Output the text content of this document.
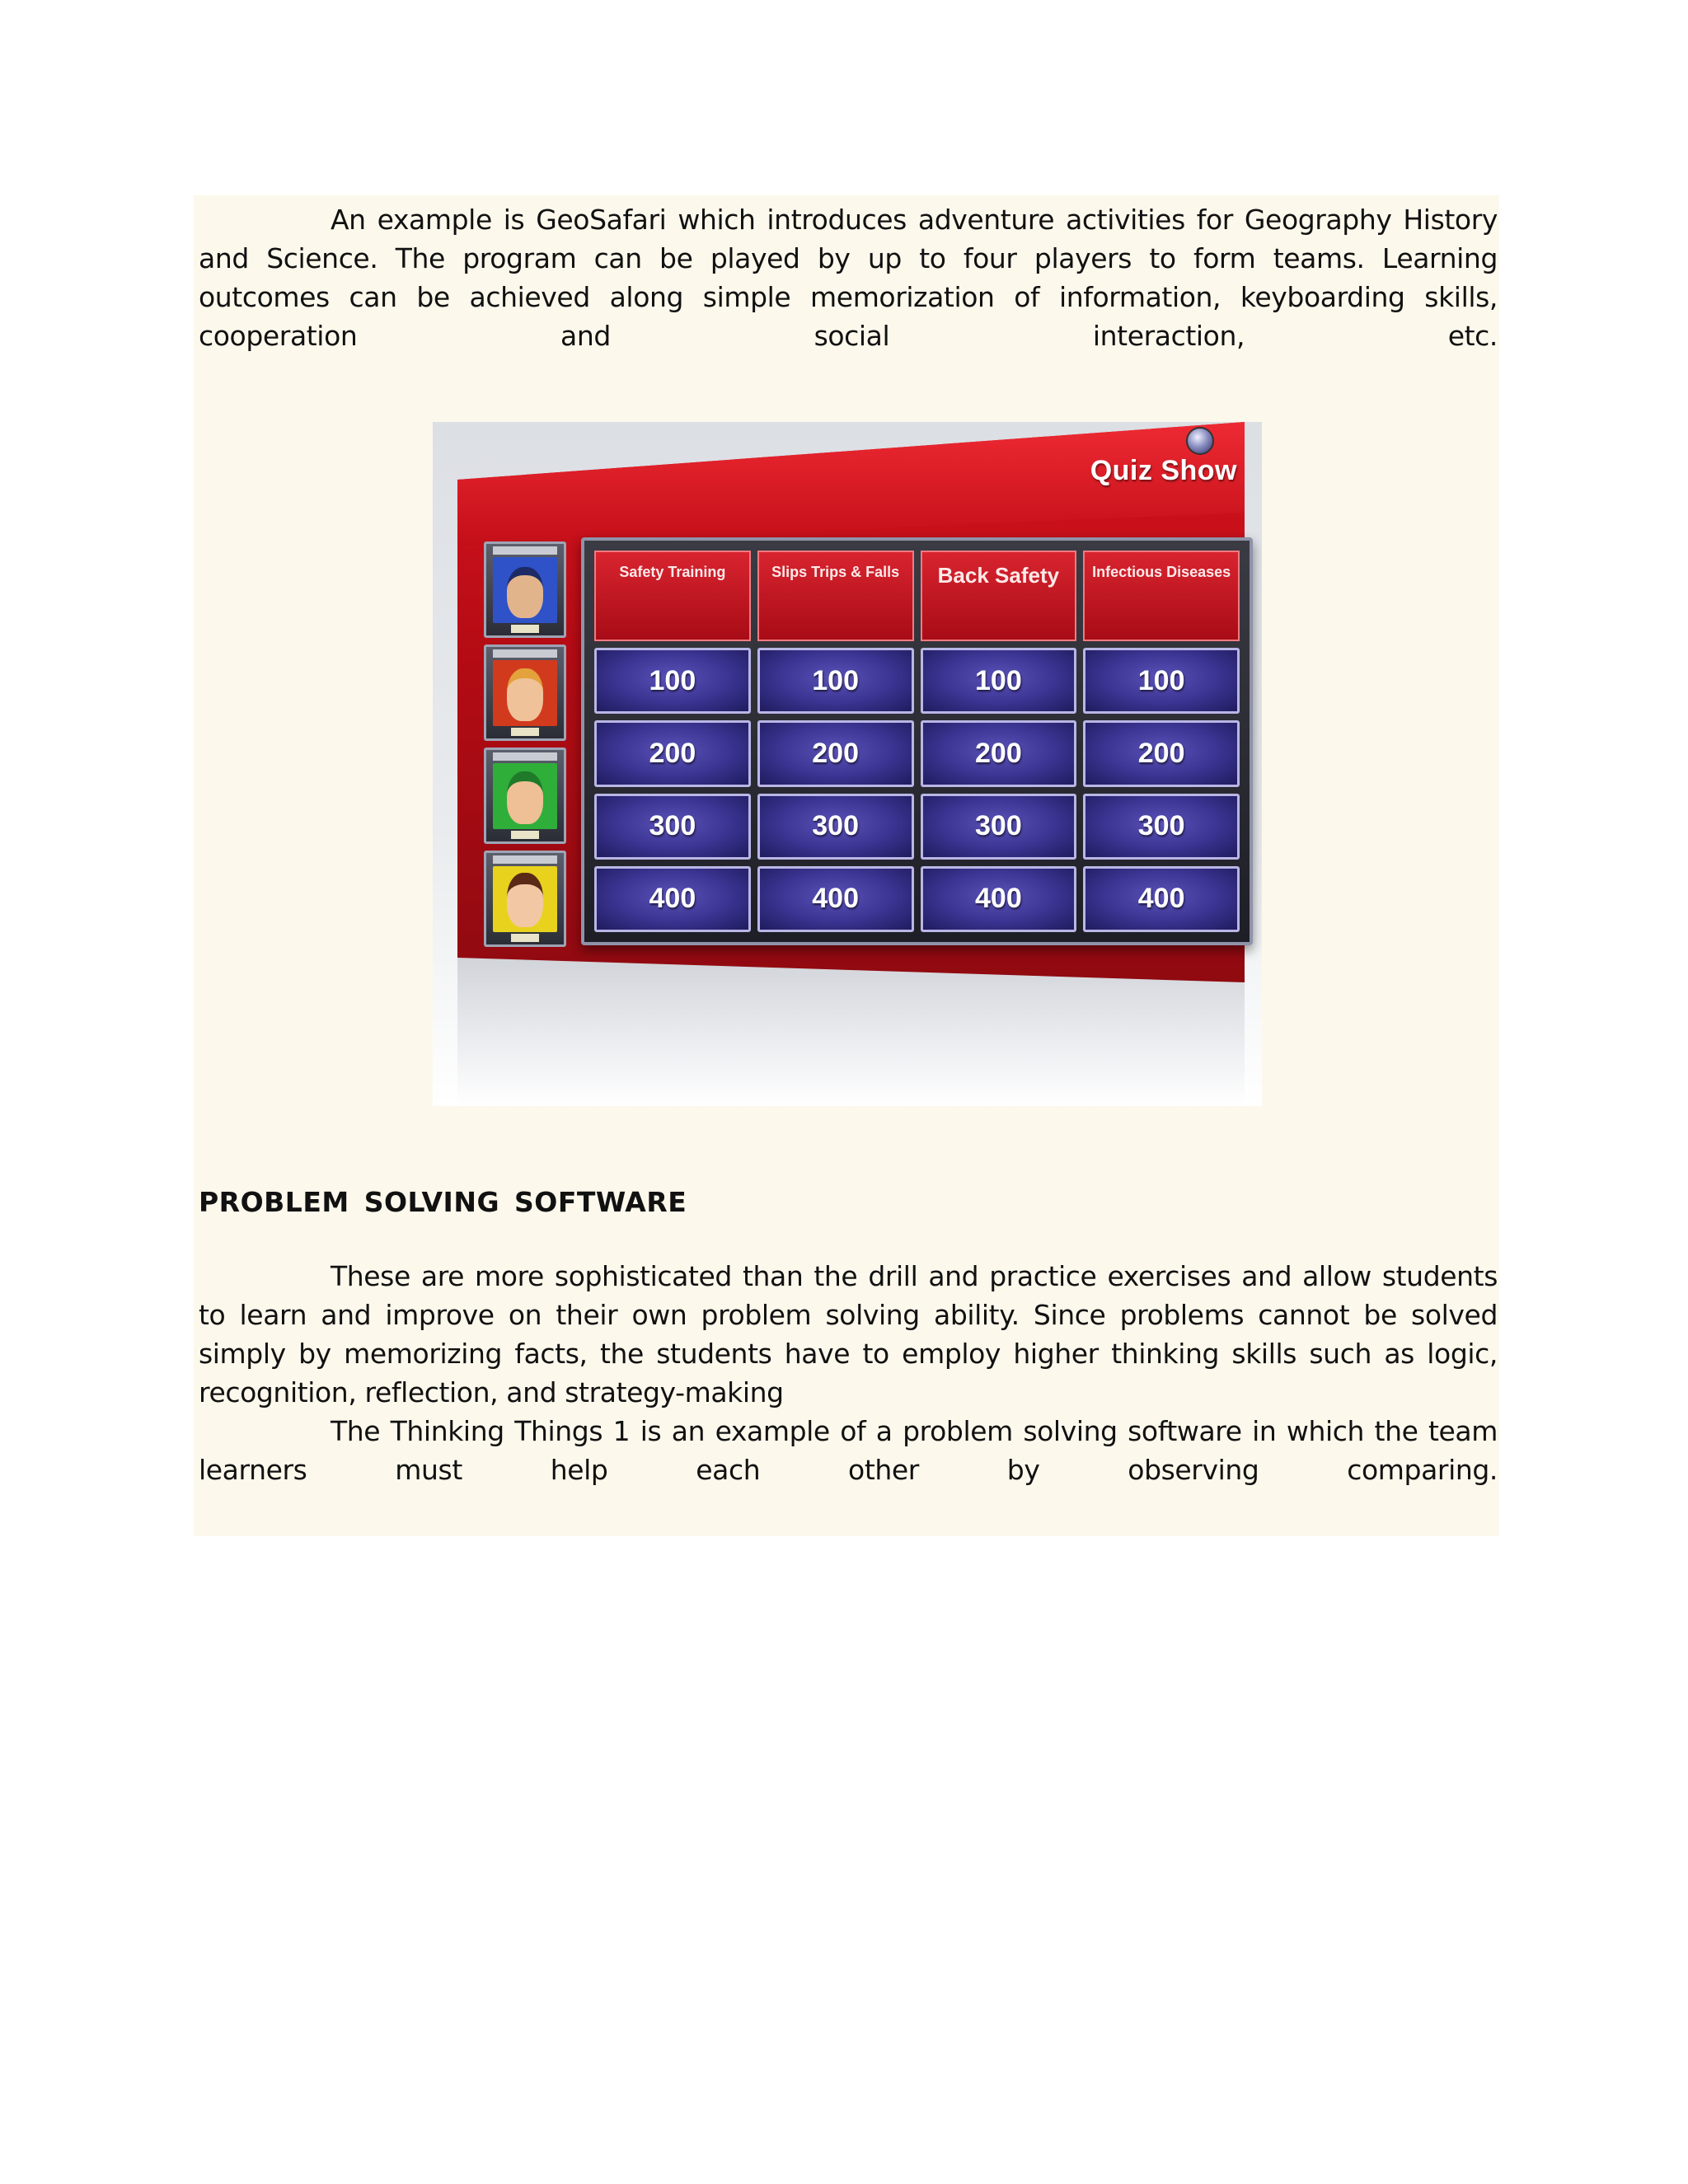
An example is GeoSafari which introduces adventure activities for Geography History and Science. The program can be played by up to four players to form teams. Learning outcomes can be achieved along simple memorization of information, keyboarding skills, cooperation and social interaction, etc.

Quiz Show
Safety Training	Slips Trips & Falls	Back Safety	Infectious Diseases
100	100	100	100
200	200	200	200
300	300	300	300
400	400	400	400
PROBLEM SOLVING SOFTWARE

These are more sophisticated than the drill and practice exercises and allow students to learn and improve on their own problem solving ability. Since problems cannot be solved simply by memorizing facts, the students have to employ higher thinking skills such as logic, recognition, reflection, and strategy-making

The Thinking Things 1 is an example of a problem solving software in which the team learners must help each other by observing comparing.
